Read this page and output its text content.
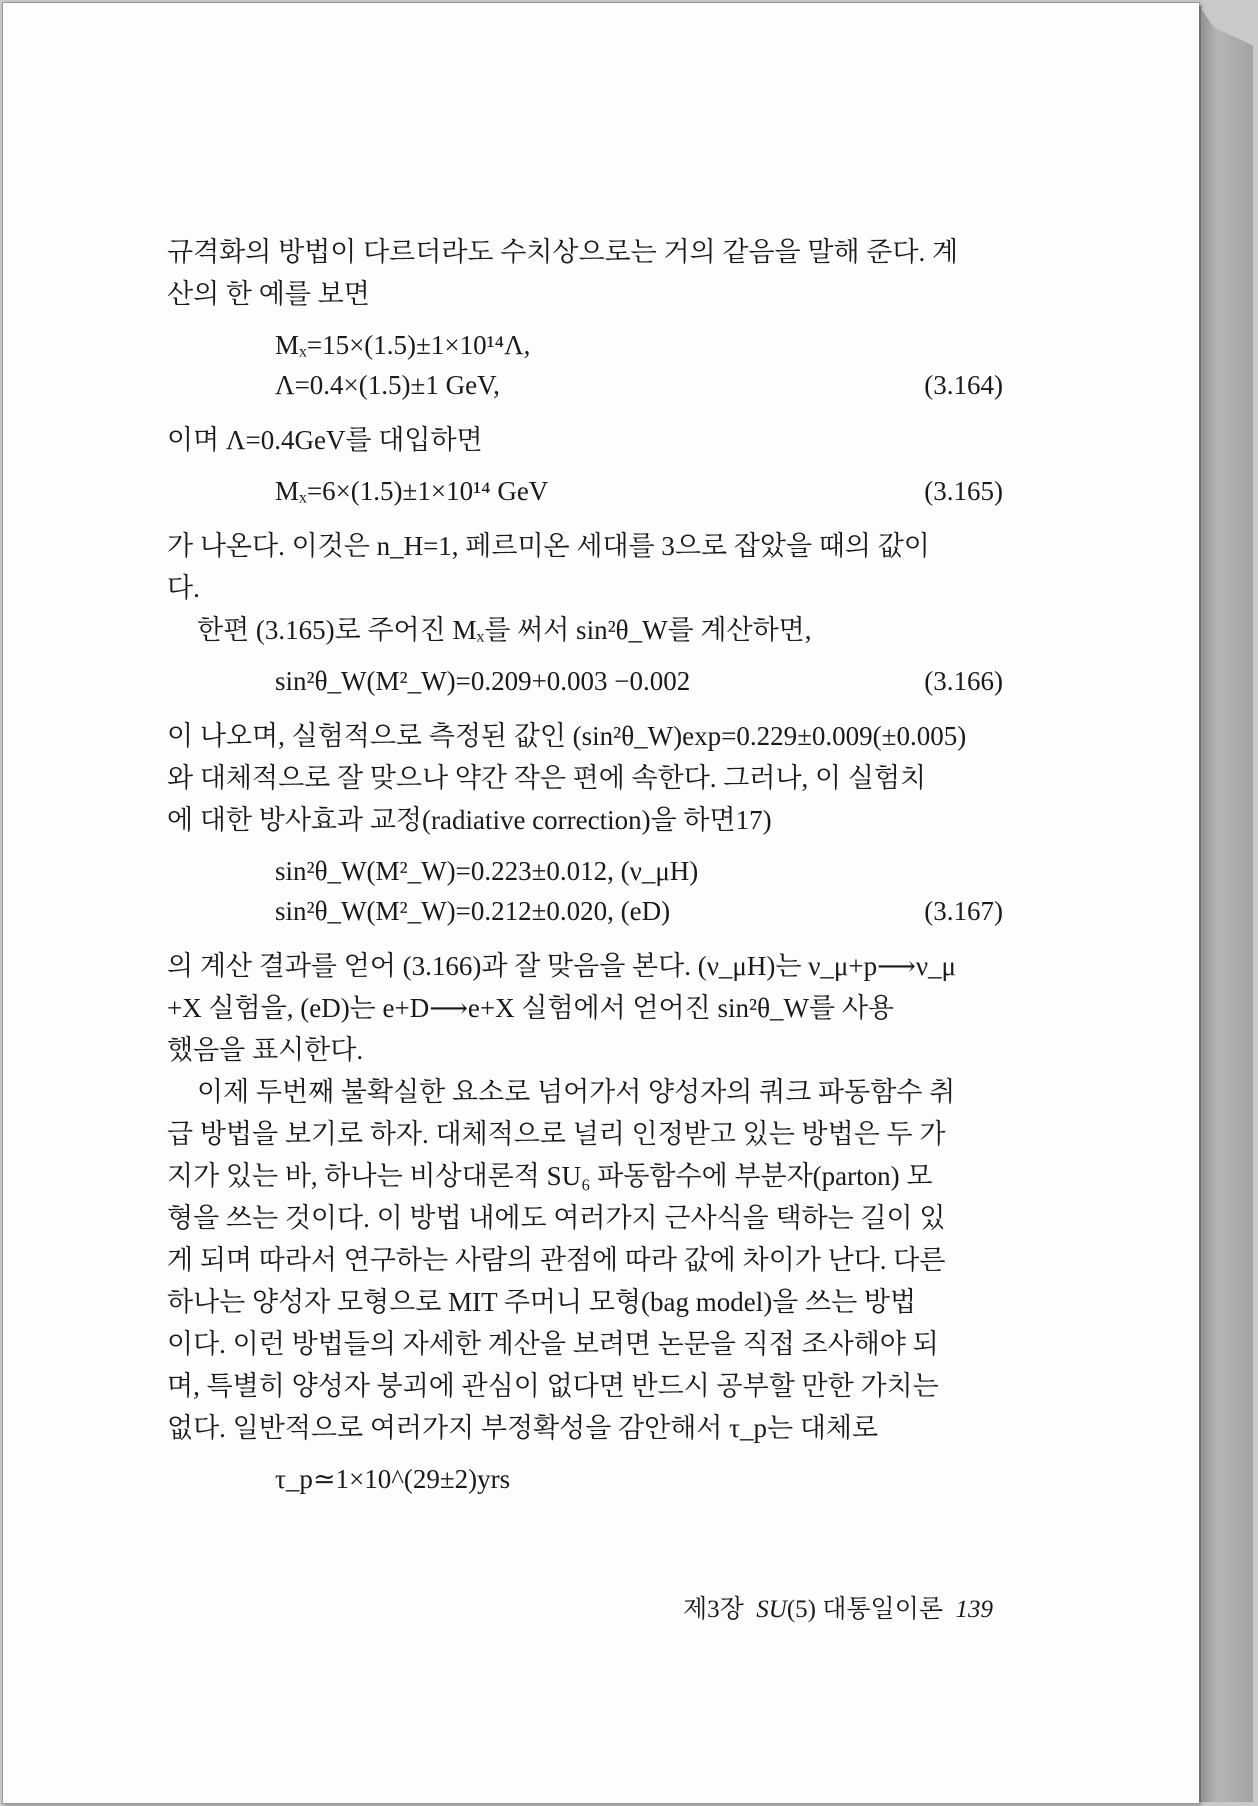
규격화의 방법이 다르더라도 수치상으로는 거의 같음을 말해 준다. 계

산의 한 예를 보면

Mₓ=15×(1.5)±1×10¹⁴Λ,
Λ=0.4×(1.5)±1 GeV,	(3.164)

이며 Λ=0.4GeV를 대입하면

Mₓ=6×(1.5)±1×10¹⁴ GeV	(3.165)

가 나온다. 이것은 n_H=1, 페르미온 세대를 3으로 잡았을 때의 값이

다.

한편 (3.165)로 주어진 Mₓ를 써서 sin²θ_W를 계산하면,

sin²θ_W(M²_W)=0.209+0.003 −0.002	(3.166)

이 나오며, 실험적으로 측정된 값인 (sin²θ_W)exp=0.229±0.009(±0.005)

와 대체적으로 잘 맞으나 약간 작은 편에 속한다. 그러나, 이 실험치

에 대한 방사효과 교정(radiative correction)을 하면17)

sin²θ_W(M²_W)=0.223±0.012, (ν_μH)
sin²θ_W(M²_W)=0.212±0.020, (eD)	(3.167)

의 계산 결과를 얻어 (3.166)과 잘 맞음을 본다. (ν_μH)는 ν_μ+p⟶ν_μ

+X 실험을, (eD)는 e+D⟶e+X 실험에서 얻어진 sin²θ_W를 사용

했음을 표시한다.

이제 두번째 불확실한 요소로 넘어가서 양성자의 쿼크 파동함수 취

급 방법을 보기로 하자. 대체적으로 널리 인정받고 있는 방법은 두 가

지가 있는 바, 하나는 비상대론적 SU₆ 파동함수에 부분자(parton) 모

형을 쓰는 것이다. 이 방법 내에도 여러가지 근사식을 택하는 길이 있

게 되며 따라서 연구하는 사람의 관점에 따라 값에 차이가 난다. 다른

하나는 양성자 모형으로 MIT 주머니 모형(bag model)을 쓰는 방법

이다. 이런 방법들의 자세한 계산을 보려면 논문을 직접 조사해야 되

며, 특별히 양성자 붕괴에 관심이 없다면 반드시 공부할 만한 가치는

없다. 일반적으로 여러가지 부정확성을 감안해서 τ_p는 대체로

τ_p≃1×10^(29±2)yrs
제3장 SU(5) 대통일이론 139
